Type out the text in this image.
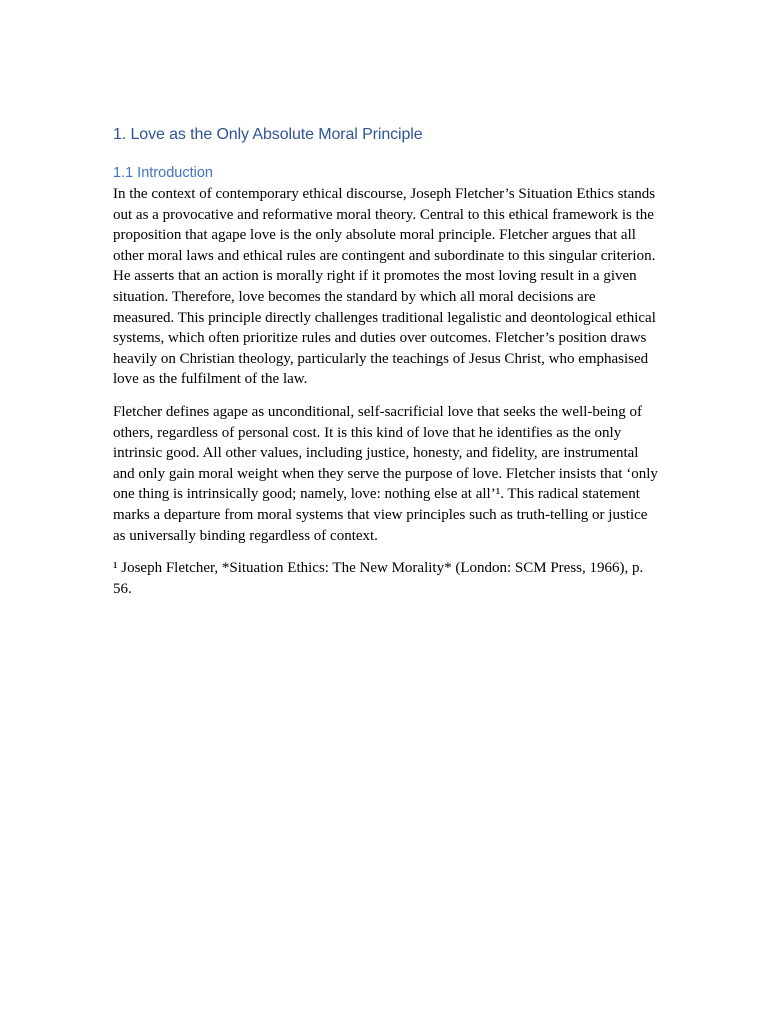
1. Love as the Only Absolute Moral Principle
1.1 Introduction

In the context of contemporary ethical discourse, Joseph Fletcher’s Situation Ethics stands out as a provocative and reformative moral theory. Central to this ethical framework is the proposition that agape love is the only absolute moral principle. Fletcher argues that all other moral laws and ethical rules are contingent and subordinate to this singular criterion. He asserts that an action is morally right if it promotes the most loving result in a given situation. Therefore, love becomes the standard by which all moral decisions are measured. This principle directly challenges traditional legalistic and deontological ethical systems, which often prioritize rules and duties over outcomes. Fletcher’s position draws heavily on Christian theology, particularly the teachings of Jesus Christ, who emphasised love as the fulfilment of the law.

Fletcher defines agape as unconditional, self-sacrificial love that seeks the well-being of others, regardless of personal cost. It is this kind of love that he identifies as the only intrinsic good. All other values, including justice, honesty, and fidelity, are instrumental and only gain moral weight when they serve the purpose of love. Fletcher insists that ‘only one thing is intrinsically good; namely, love: nothing else at all’¹. This radical statement marks a departure from moral systems that view principles such as truth-telling or justice as universally binding regardless of context.

¹ Joseph Fletcher, *Situation Ethics: The New Morality* (London: SCM Press, 1966), p. 56.
